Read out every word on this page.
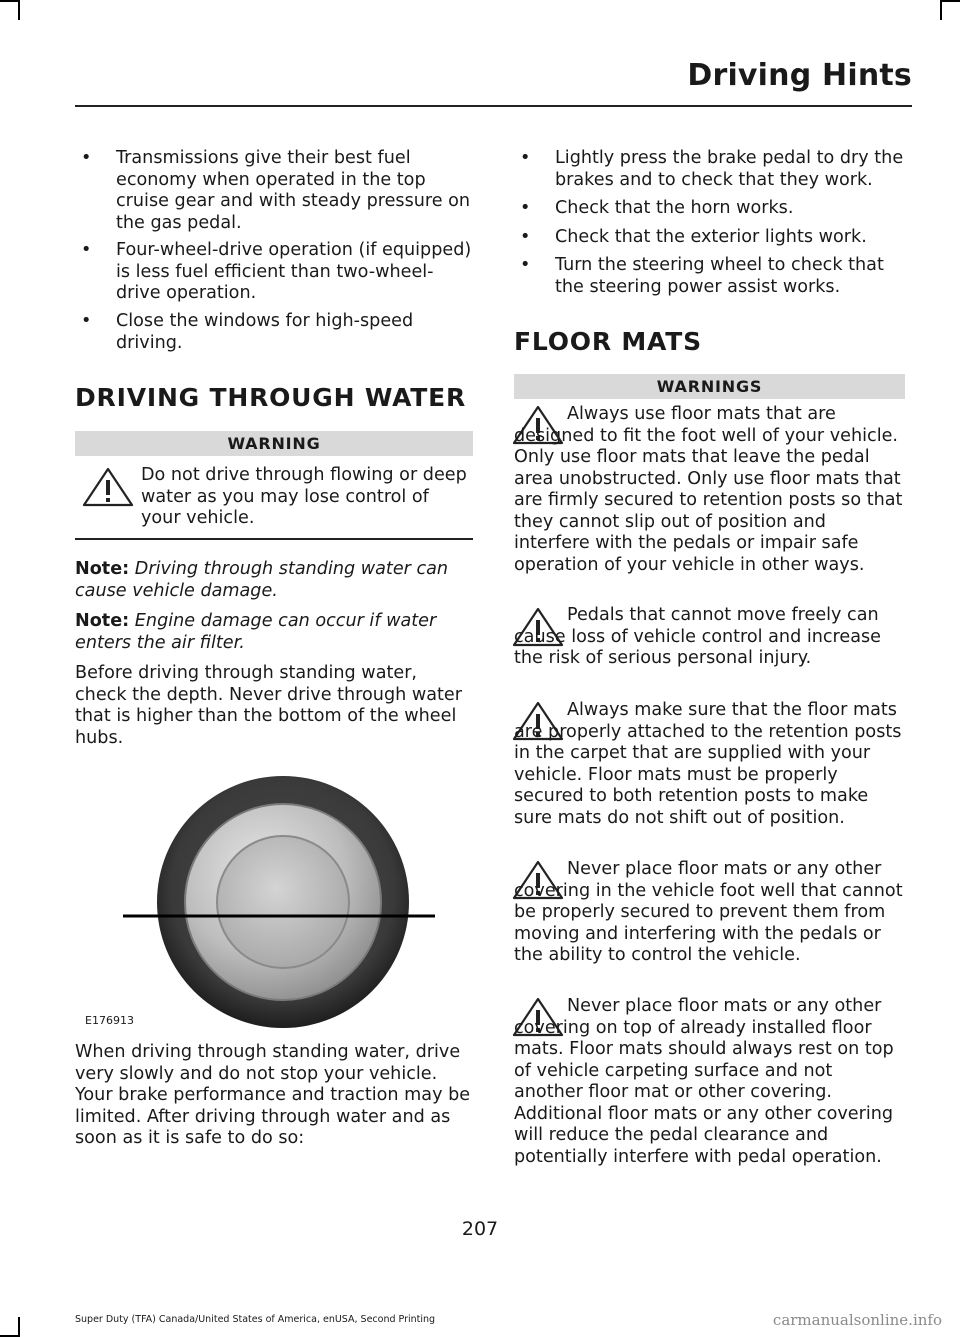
Driving Hints
• Transmissions give their best fuel economy when operated in the top cruise gear and with steady pressure on the gas pedal.
• Four-wheel-drive operation (if equipped) is less fuel efficient than two-wheel-drive operation.
• Close the windows for high-speed driving.
DRIVING THROUGH WATER
WARNING
Do not drive through flowing or deep water as you may lose control of your vehicle.
Note: Driving through standing water can cause vehicle damage.
Note: Engine damage can occur if water enters the air filter.
Before driving through standing water, check the depth. Never drive through water that is higher than the bottom of the wheel hubs.
E176913
When driving through standing water, drive very slowly and do not stop your vehicle. Your brake performance and traction may be limited. After driving through water and as soon as it is safe to do so:
• Lightly press the brake pedal to dry the brakes and to check that they work.
• Check that the horn works.
• Check that the exterior lights work.
• Turn the steering wheel to check that the steering power assist works.
FLOOR MATS
WARNINGS
Always use floor mats that are designed to fit the foot well of your vehicle. Only use floor mats that leave the pedal area unobstructed. Only use floor mats that are firmly secured to retention posts so that they cannot slip out of position and interfere with the pedals or impair safe operation of your vehicle in other ways.
Pedals that cannot move freely can cause loss of vehicle control and increase the risk of serious personal injury.
Always make sure that the floor mats are properly attached to the retention posts in the carpet that are supplied with your vehicle. Floor mats must be properly secured to both retention posts to make sure mats do not shift out of position.
Never place floor mats or any other covering in the vehicle foot well that cannot be properly secured to prevent them from moving and interfering with the pedals or the ability to control the vehicle.
Never place floor mats or any other covering on top of already installed floor mats. Floor mats should always rest on top of vehicle carpeting surface and not another floor mat or other covering. Additional floor mats or any other covering will reduce the pedal clearance and potentially interfere with pedal operation.
207
Super Duty (TFA) Canada/United States of America, enUSA, Second Printing	carmanualsonline.info
